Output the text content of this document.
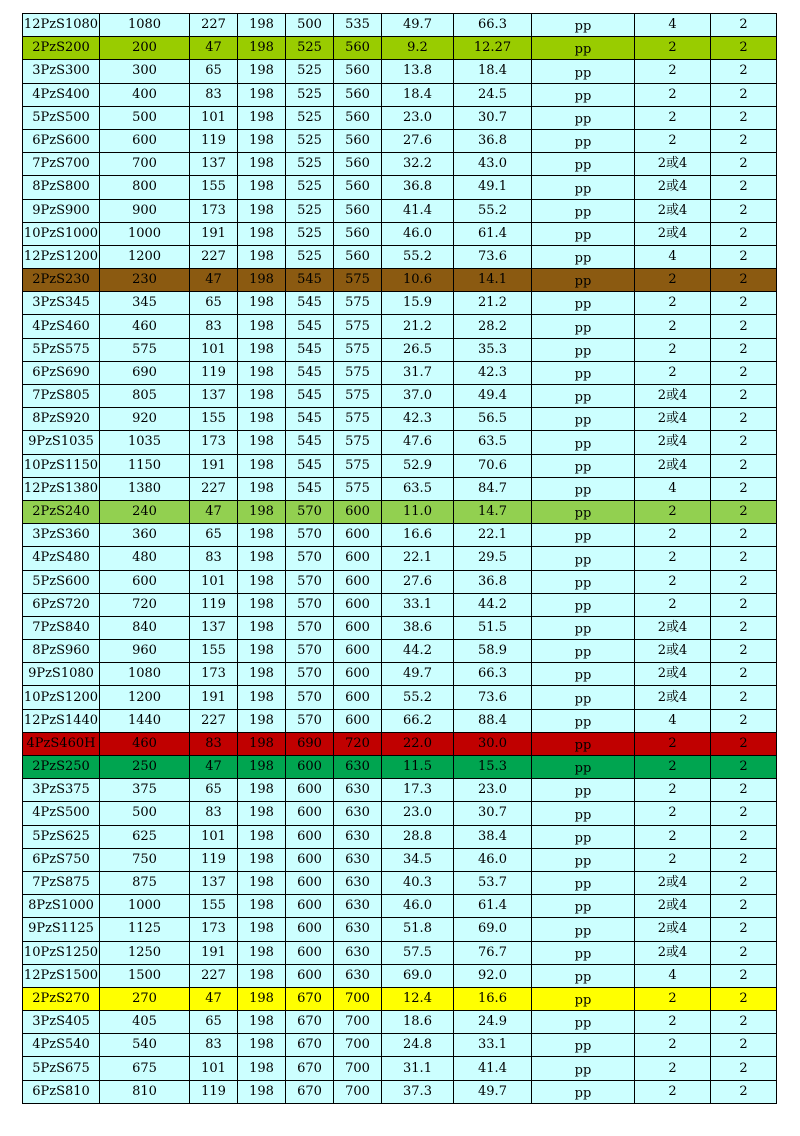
12PzS1080	1080	227	198	500	535	49.7	66.3	pp	4	2
2PzS200	200	47	198	525	560	9.2	12.27	pp	2	2
3PzS300	300	65	198	525	560	13.8	18.4	pp	2	2
4PzS400	400	83	198	525	560	18.4	24.5	pp	2	2
5PzS500	500	101	198	525	560	23.0	30.7	pp	2	2
6PzS600	600	119	198	525	560	27.6	36.8	pp	2	2
7PzS700	700	137	198	525	560	32.2	43.0	pp	2或4	2
8PzS800	800	155	198	525	560	36.8	49.1	pp	2或4	2
9PzS900	900	173	198	525	560	41.4	55.2	pp	2或4	2
10PzS1000	1000	191	198	525	560	46.0	61.4	pp	2或4	2
12PzS1200	1200	227	198	525	560	55.2	73.6	pp	4	2
2PzS230	230	47	198	545	575	10.6	14.1	pp	2	2
3PzS345	345	65	198	545	575	15.9	21.2	pp	2	2
4PzS460	460	83	198	545	575	21.2	28.2	pp	2	2
5PzS575	575	101	198	545	575	26.5	35.3	pp	2	2
6PzS690	690	119	198	545	575	31.7	42.3	pp	2	2
7PzS805	805	137	198	545	575	37.0	49.4	pp	2或4	2
8PzS920	920	155	198	545	575	42.3	56.5	pp	2或4	2
9PzS1035	1035	173	198	545	575	47.6	63.5	pp	2或4	2
10PzS1150	1150	191	198	545	575	52.9	70.6	pp	2或4	2
12PzS1380	1380	227	198	545	575	63.5	84.7	pp	4	2
2PzS240	240	47	198	570	600	11.0	14.7	pp	2	2
3PzS360	360	65	198	570	600	16.6	22.1	pp	2	2
4PzS480	480	83	198	570	600	22.1	29.5	pp	2	2
5PzS600	600	101	198	570	600	27.6	36.8	pp	2	2
6PzS720	720	119	198	570	600	33.1	44.2	pp	2	2
7PzS840	840	137	198	570	600	38.6	51.5	pp	2或4	2
8PzS960	960	155	198	570	600	44.2	58.9	pp	2或4	2
9PzS1080	1080	173	198	570	600	49.7	66.3	pp	2或4	2
10PzS1200	1200	191	198	570	600	55.2	73.6	pp	2或4	2
12PzS1440	1440	227	198	570	600	66.2	88.4	pp	4	2
4PzS460H	460	83	198	690	720	22.0	30.0	pp	2	2
2PzS250	250	47	198	600	630	11.5	15.3	pp	2	2
3PzS375	375	65	198	600	630	17.3	23.0	pp	2	2
4PzS500	500	83	198	600	630	23.0	30.7	pp	2	2
5PzS625	625	101	198	600	630	28.8	38.4	pp	2	2
6PzS750	750	119	198	600	630	34.5	46.0	pp	2	2
7PzS875	875	137	198	600	630	40.3	53.7	pp	2或4	2
8PzS1000	1000	155	198	600	630	46.0	61.4	pp	2或4	2
9PzS1125	1125	173	198	600	630	51.8	69.0	pp	2或4	2
10PzS1250	1250	191	198	600	630	57.5	76.7	pp	2或4	2
12PzS1500	1500	227	198	600	630	69.0	92.0	pp	4	2
2PzS270	270	47	198	670	700	12.4	16.6	pp	2	2
3PzS405	405	65	198	670	700	18.6	24.9	pp	2	2
4PzS540	540	83	198	670	700	24.8	33.1	pp	2	2
5PzS675	675	101	198	670	700	31.1	41.4	pp	2	2
6PzS810	810	119	198	670	700	37.3	49.7	pp	2	2
